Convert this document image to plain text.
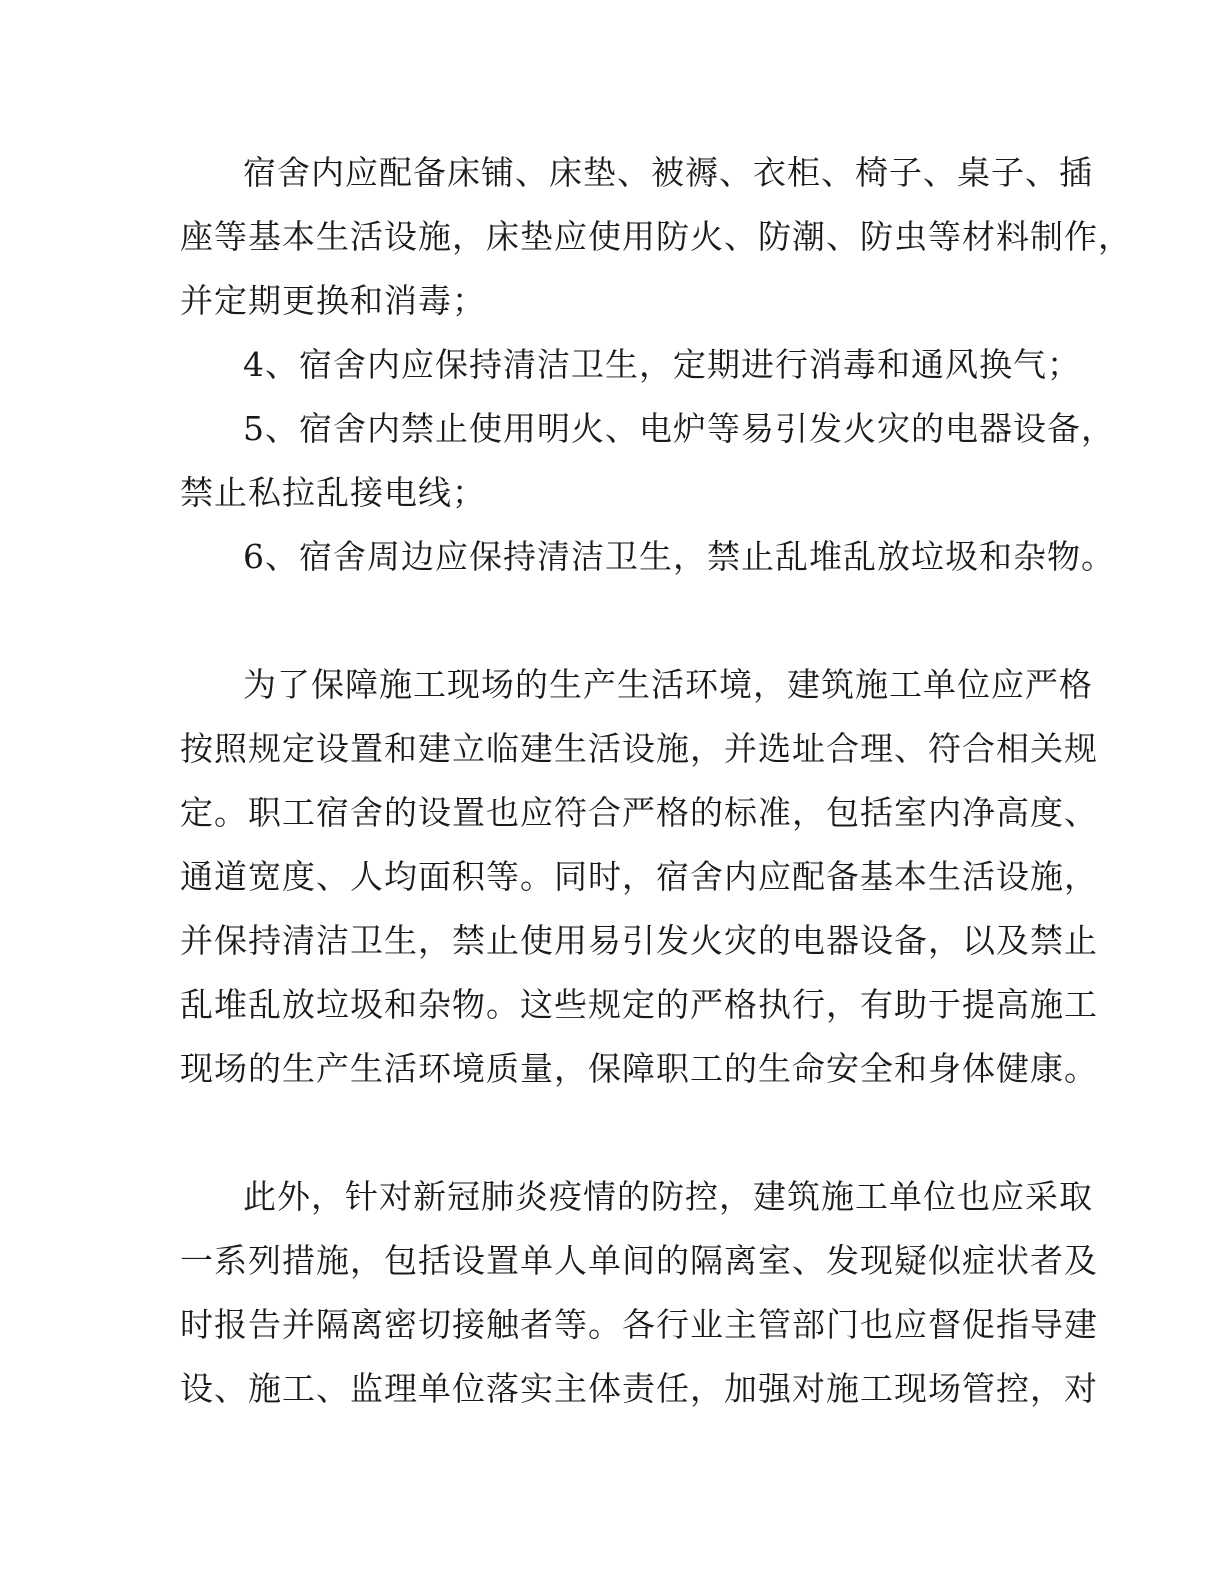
宿舍内应配备床铺、床垫、被褥、衣柜、椅子、桌子、插
座等基本生活设施，床垫应使用防火、防潮、防虫等材料制作，
并定期更换和消毒；
4、宿舍内应保持清洁卫生，定期进行消毒和通风换气；
5、宿舍内禁止使用明火、电炉等易引发火灾的电器设备，
禁止私拉乱接电线；
6、宿舍周边应保持清洁卫生，禁止乱堆乱放垃圾和杂物。
为了保障施工现场的生产生活环境，建筑施工单位应严格
按照规定设置和建立临建生活设施，并选址合理、符合相关规
定。职工宿舍的设置也应符合严格的标准，包括室内净高度、
通道宽度、人均面积等。同时，宿舍内应配备基本生活设施，
并保持清洁卫生，禁止使用易引发火灾的电器设备，以及禁止
乱堆乱放垃圾和杂物。这些规定的严格执行，有助于提高施工
现场的生产生活环境质量，保障职工的生命安全和身体健康。
此外，针对新冠肺炎疫情的防控，建筑施工单位也应采取
一系列措施，包括设置单人单间的隔离室、发现疑似症状者及
时报告并隔离密切接触者等。各行业主管部门也应督促指导建
设、施工、监理单位落实主体责任，加强对施工现场管控，对
